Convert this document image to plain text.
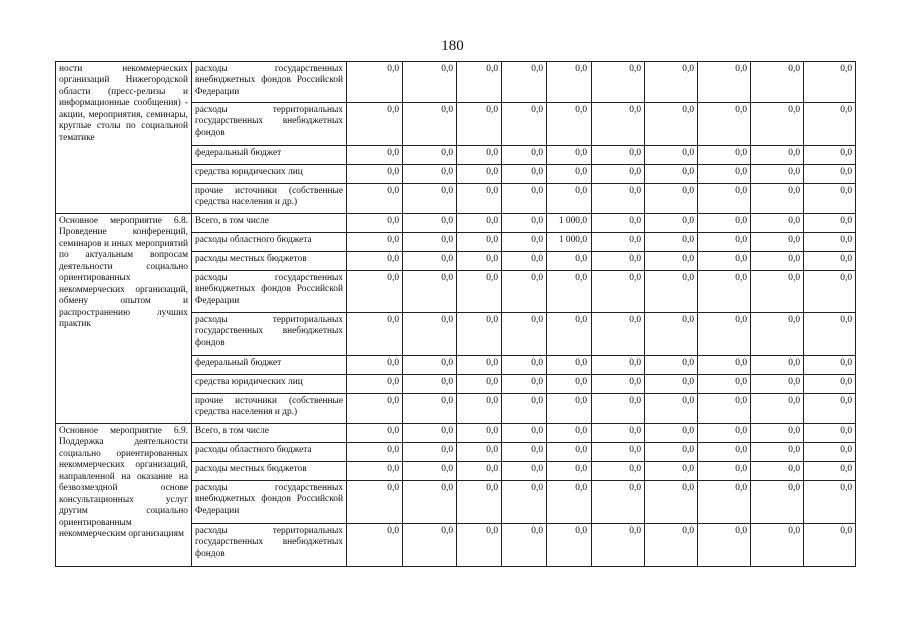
180
ности некоммерческих организаций Нижегородской области (пресс-релизы и информационные сообщения) - акции, мероприятия, семинары, круглые столы по социальной тематике	расходы государственных внебюджетных фондов Российской Федерации	0,0	0,0	0,0	0,0	0,0	0,0	0,0	0,0	0,0	0,0
	расходы территориальных государственных внебюджетных фондов	0,0	0,0	0,0	0,0	0,0	0,0	0,0	0,0	0,0	0,0
	федеральный бюджет	0,0	0,0	0,0	0,0	0,0	0,0	0,0	0,0	0,0	0,0
	средства юридических лиц	0,0	0,0	0,0	0,0	0,0	0,0	0,0	0,0	0,0	0,0
	прочие источники (собственные средства населения и др.)	0,0	0,0	0,0	0,0	0,0	0,0	0,0	0,0	0,0	0,0
Основное мероприятие 6.8. Проведение конференций, семинаров и иных мероприятий по актуальным вопросам деятельности социально ориентированных некоммерческих организаций, обмену опытом и распространению лучших практик	Всего, в том числе	0,0	0,0	0,0	0,0	1 000,0	0,0	0,0	0,0	0,0	0,0
	расходы областного бюджета	0,0	0,0	0,0	0,0	1 000,0	0,0	0,0	0,0	0,0	0,0
	расходы местных бюджетов	0,0	0,0	0,0	0,0	0,0	0,0	0,0	0,0	0,0	0,0
	расходы государственных внебюджетных фондов Российской Федерации	0,0	0,0	0,0	0,0	0,0	0,0	0,0	0,0	0,0	0,0
	расходы территориальных государственных внебюджетных фондов	0,0	0,0	0,0	0,0	0,0	0,0	0,0	0,0	0,0	0,0
	федеральный бюджет	0,0	0,0	0,0	0,0	0,0	0,0	0,0	0,0	0,0	0,0
	средства юридических лиц	0,0	0,0	0,0	0,0	0,0	0,0	0,0	0,0	0,0	0,0
	прочие источники (собственные средства населения и др.)	0,0	0,0	0,0	0,0	0,0	0,0	0,0	0,0	0,0	0,0
Основное мероприятие 6.9. Поддержка деятельности социально ориентированных некоммерческих организаций, направленной на оказание на безвозмездной основе консультационных услуг другим социально ориентированным некоммерческим организациям	Всего, в том числе	0,0	0,0	0,0	0,0	0,0	0,0	0,0	0,0	0,0	0,0
	расходы областного бюджета	0,0	0,0	0,0	0,0	0,0	0,0	0,0	0,0	0,0	0,0
	расходы местных бюджетов	0,0	0,0	0,0	0,0	0,0	0,0	0,0	0,0	0,0	0,0
	расходы государственных внебюджетных фондов Российской Федерации	0,0	0,0	0,0	0,0	0,0	0,0	0,0	0,0	0,0	0,0
	расходы территориальных государственных внебюджетных фондов	0,0	0,0	0,0	0,0	0,0	0,0	0,0	0,0	0,0	0,0
